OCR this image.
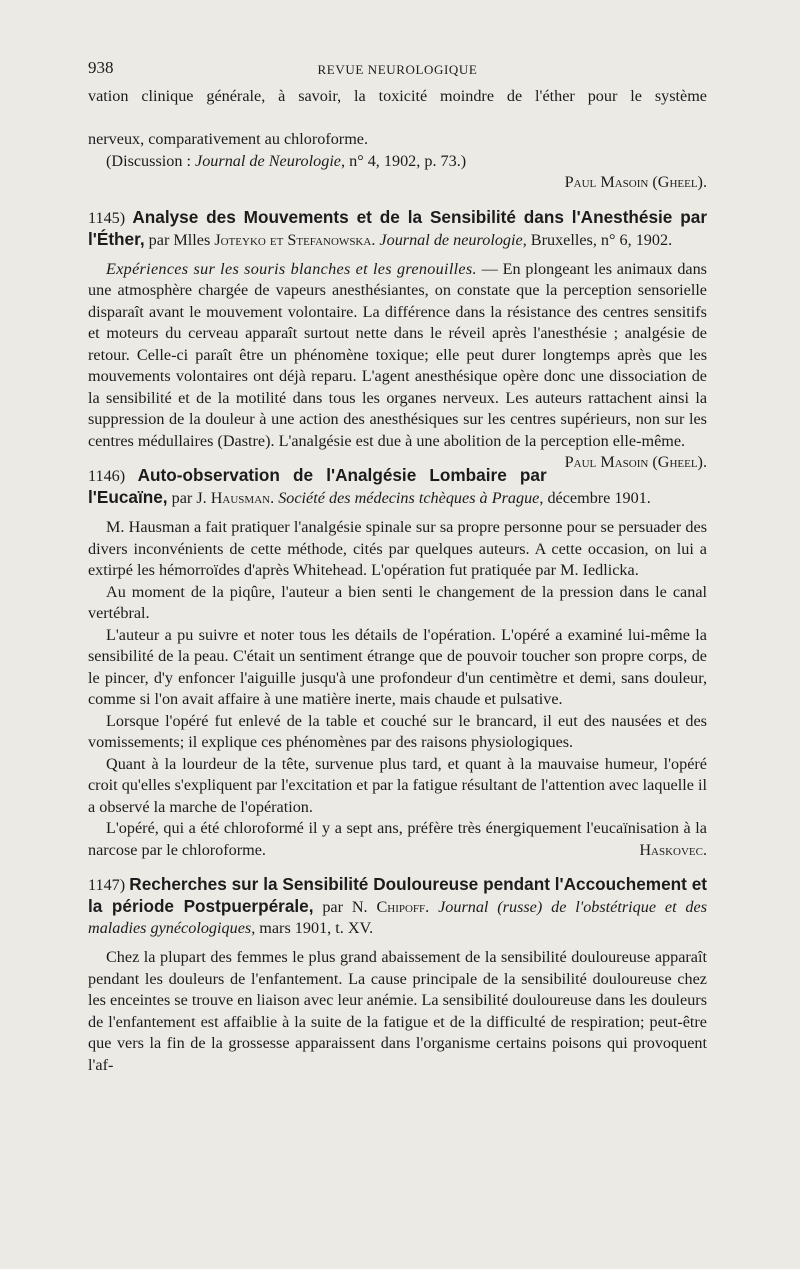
938	REVUE NEUROLOGIQUE

vation clinique générale, à savoir, la toxicité moindre de l'éther pour le système

nerveux, comparativement au chloroforme.

(Discussion : Journal de Neurologie, n° 4, 1902, p. 73.)

Paul Masoin (Gheel).

1145) Analyse des Mouvements et de la Sensibilité dans l'Anesthésie par l'Éther, par Mlles Joteyko et Stefanowska. Journal de neurologie, Bruxelles, n° 6, 1902.

Expériences sur les souris blanches et les grenouilles. — En plongeant les animaux dans une atmosphère chargée de vapeurs anesthésiantes, on constate que la perception sensorielle disparaît avant le mouvement volontaire. La différence dans la résistance des centres sensitifs et moteurs du cerveau apparaît surtout nette dans le réveil après l'anesthésie ; analgésie de retour. Celle-ci paraît être un phénomène toxique; elle peut durer longtemps après que les mouvements volontaires ont déjà reparu. L'agent anesthésique opère donc une dissociation de la sensibilité et de la motilité dans tous les organes nerveux. Les auteurs rattachent ainsi la suppression de la douleur à une action des anesthésiques sur les centres supérieurs, non sur les centres médullaires (Dastre). L'analgésie est due à une abolition de la perception elle-même.
Paul Masoin (Gheel).

1146) Auto-observation de l'Analgésie Lombaire par l'Eucaïne, par J. Hausman. Société des médecins tchèques à Prague, décembre 1901.

M. Hausman a fait pratiquer l'analgésie spinale sur sa propre personne pour se persuader des divers inconvénients de cette méthode, cités par quelques auteurs. A cette occasion, on lui a extirpé les hémorroïdes d'après Whitehead. L'opération fut pratiquée par M. Iedlicka.

Au moment de la piqûre, l'auteur a bien senti le changement de la pression dans le canal vertébral.

L'auteur a pu suivre et noter tous les détails de l'opération. L'opéré a examiné lui-même la sensibilité de la peau. C'était un sentiment étrange que de pouvoir toucher son propre corps, de le pincer, d'y enfoncer l'aiguille jusqu'à une profondeur d'un centimètre et demi, sans douleur, comme si l'on avait affaire à une matière inerte, mais chaude et pulsative.

Lorsque l'opéré fut enlevé de la table et couché sur le brancard, il eut des nausées et des vomissements; il explique ces phénomènes par des raisons physiologiques.

Quant à la lourdeur de la tête, survenue plus tard, et quant à la mauvaise humeur, l'opéré croit qu'elles s'expliquent par l'excitation et par la fatigue résultant de l'attention avec laquelle il a observé la marche de l'opération.

L'opéré, qui a été chloroformé il y a sept ans, préfère très énergiquement l'eucaïnisation à la narcose par le chloroforme.	Haskovec.

1147) Recherches sur la Sensibilité Douloureuse pendant l'Accouchement et la période Postpuerpérale, par N. Chipoff. Journal (russe) de l'obstétrique et des maladies gynécologiques, mars 1901, t. XV.

Chez la plupart des femmes le plus grand abaissement de la sensibilité douloureuse apparaît pendant les douleurs de l'enfantement. La cause principale de la sensibilité douloureuse chez les enceintes se trouve en liaison avec leur anémie. La sensibilité douloureuse dans les douleurs de l'enfantement est affaiblie à la suite de la fatigue et de la difficulté de respiration; peut-être que vers la fin de la grossesse apparaissent dans l'organisme certains poisons qui provoquent l'af-
